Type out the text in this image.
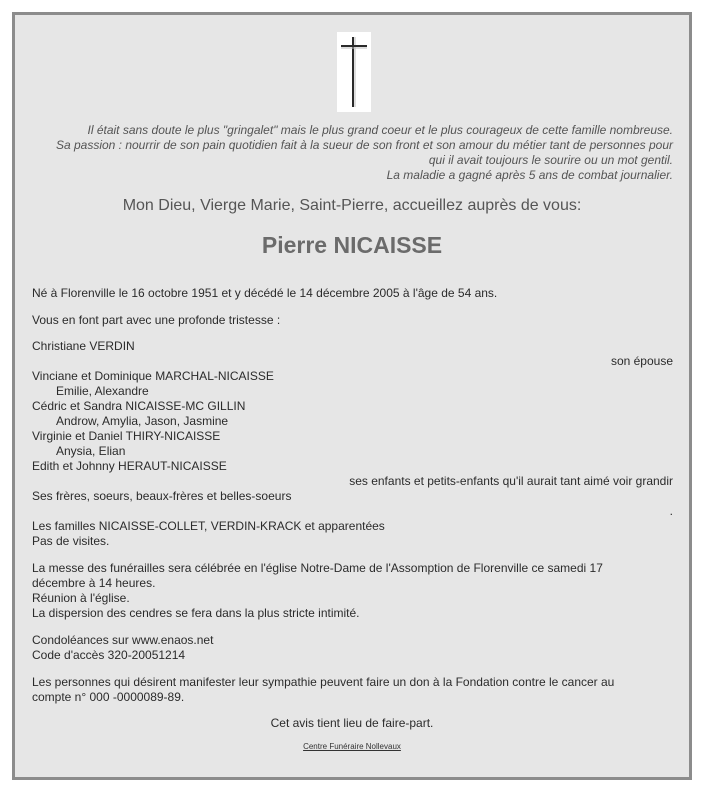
Il était sans doute le plus "gringalet" mais le plus grand coeur et le plus courageux de cette famille nombreuse.
Sa passion : nourrir de son pain quotidien fait à la sueur de son front et son amour du métier tant de personnes pour
qui il avait toujours le sourire ou un mot gentil.
La maladie a gagné après 5 ans de combat journalier.
Mon Dieu, Vierge Marie, Saint-Pierre, accueillez auprès de vous:
Pierre NICAISSE
Né à Florenville le 16 octobre 1951 et y décédé le 14 décembre 2005 à l'âge de 54 ans.
Vous en font part avec une profonde tristesse :
Christiane VERDIN
son épouse
Vinciane et Dominique MARCHAL-NICAISSE
Emilie, Alexandre
Cédric et Sandra NICAISSE-MC GILLIN
Androw, Amylia, Jason, Jasmine
Virginie et Daniel THIRY-NICAISSE
Anysia, Elian
Edith et Johnny HERAUT-NICAISSE
ses enfants et petits-enfants qu'il aurait tant aimé voir grandir
Ses frères, soeurs, beaux-frères et belles-soeurs
.
Les familles NICAISSE-COLLET, VERDIN-KRACK et apparentées
Pas de visites.
La messe des funérailles sera célébrée en l'église Notre-Dame de l'Assomption de Florenville ce samedi 17
décembre à 14 heures.
Réunion à l'église.
La dispersion des cendres se fera dans la plus stricte intimité.
Condoléances sur www.enaos.net
Code d'accès 320-20051214
Les personnes qui désirent manifester leur sympathie peuvent faire un don à la Fondation contre le cancer au
compte n° 000 -0000089-89.
Cet avis tient lieu de faire-part.
Centre Funéraire Nollevaux
